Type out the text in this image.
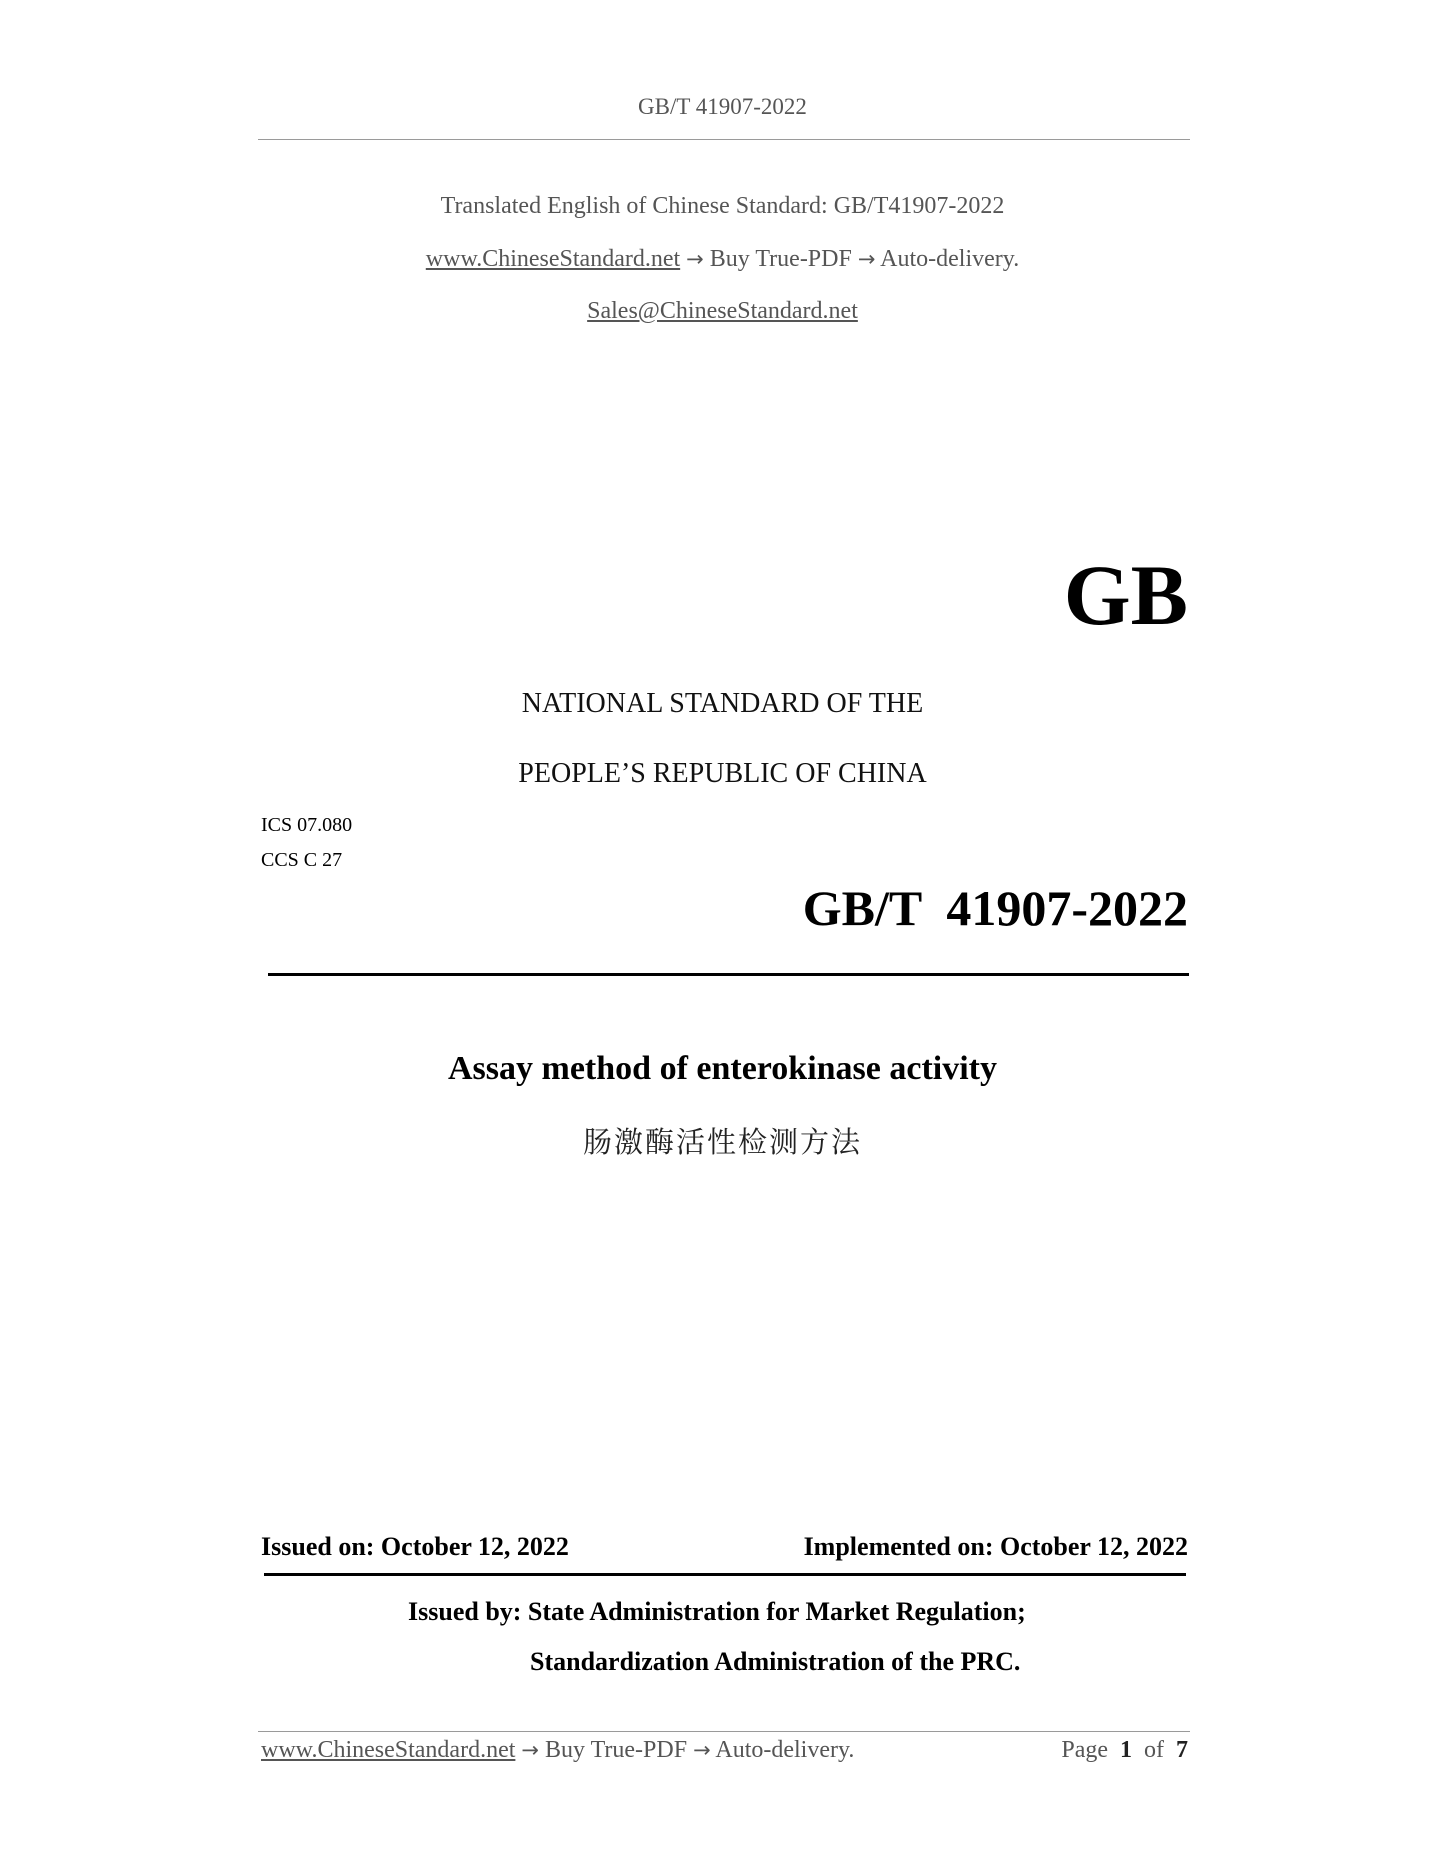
GB/T 41907-2022
Translated English of Chinese Standard: GB/T41907-2022
www.ChineseStandard.net → Buy True-PDF → Auto-delivery.
Sales@ChineseStandard.net
GB
NATIONAL STANDARD OF THE
PEOPLE’S REPUBLIC OF CHINA
ICS 07.080
CCS C 27
GB/T  41907-2022
Assay method of enterokinase activity
肠激酶活性检测方法
Issued on: October 12, 2022	Implemented on: October 12, 2022
Issued by: State Administration for Market Regulation;
Standardization Administration of the PRC.
www.ChineseStandard.net → Buy True-PDF → Auto-delivery.	Page 1 of 7
